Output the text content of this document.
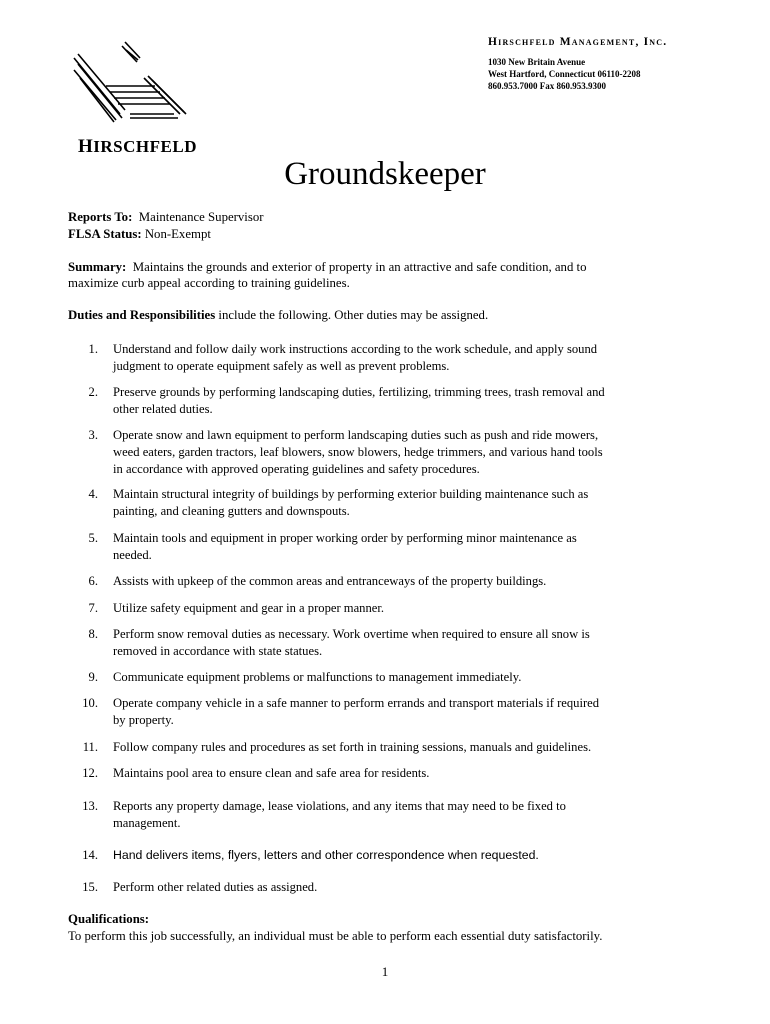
HIRSCHFELD
Hirschfeld Management, Inc.
1030 New Britain Avenue
West Hartford, Connecticut 06110-2208
860.953.7000 Fax 860.953.9300
Groundskeeper
Reports To: Maintenance Supervisor
FLSA Status: Non-Exempt
Summary: Maintains the grounds and exterior of property in an attractive and safe condition, and to
maximize curb appeal according to training guidelines.
Duties and Responsibilities include the following. Other duties may be assigned.
1. Understand and follow daily work instructions according to the work schedule, and apply sound
judgment to operate equipment safely as well as prevent problems.
2. Preserve grounds by performing landscaping duties, fertilizing, trimming trees, trash removal and
other related duties.
3. Operate snow and lawn equipment to perform landscaping duties such as push and ride mowers,
weed eaters, garden tractors, leaf blowers, snow blowers, hedge trimmers, and various hand tools
in accordance with approved operating guidelines and safety procedures.
4. Maintain structural integrity of buildings by performing exterior building maintenance such as
painting, and cleaning gutters and downspouts.
5. Maintain tools and equipment in proper working order by performing minor maintenance as
needed.
6. Assists with upkeep of the common areas and entranceways of the property buildings.
7. Utilize safety equipment and gear in a proper manner.
8. Perform snow removal duties as necessary. Work overtime when required to ensure all snow is
removed in accordance with state statues.
9. Communicate equipment problems or malfunctions to management immediately.
10. Operate company vehicle in a safe manner to perform errands and transport materials if required
by property.
11. Follow company rules and procedures as set forth in training sessions, manuals and guidelines.
12. Maintains pool area to ensure clean and safe area for residents.
13. Reports any property damage, lease violations, and any items that may need to be fixed to
management.
14. Hand delivers items, flyers, letters and other correspondence when requested.
15. Perform other related duties as assigned.
Qualifications:
To perform this job successfully, an individual must be able to perform each essential duty satisfactorily.
1
